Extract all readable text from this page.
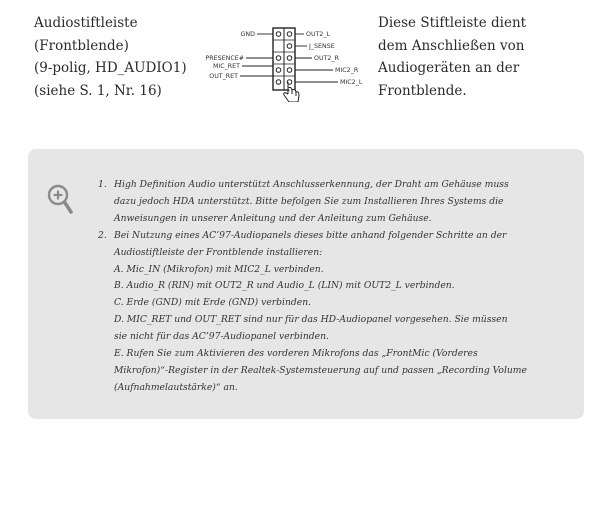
Audiostiftleiste
(Frontblende)
(9-polig, HD_AUDIO1)
(siehe S. 1, Nr. 16)
GND
PRESENCE#
MIC_RET
OUT_RET
OUT2_L
J_SENSE
OUT2_R
MIC2_R
MIC2_L
Diese Stiftleiste dient
dem Anschließen von
Audiogeräten an der
Frontblende.
1. High Definition Audio unterstützt Anschlusserkennung, der Draht am Gehäuse muss
dazu jedoch HDA unterstützt. Bitte befolgen Sie zum Installieren Ihres Systems die
Anweisungen in unserer Anleitung und der Anleitung zum Gehäuse.
2. Bei Nutzung eines AC’97-Audiopanels dieses bitte anhand folgender Schritte an der
Audiostiftleiste der Frontblende installieren:
A. Mic_IN (Mikrofon) mit MIC2_L verbinden.
B. Audio_R (RIN) mit OUT2_R und Audio_L (LIN) mit OUT2_L verbinden.
C. Erde (GND) mit Erde (GND) verbinden.
D. MIC_RET und OUT_RET sind nur für das HD-Audiopanel vorgesehen. Sie müssen
sie nicht für das AC’97-Audiopanel verbinden.
E. Rufen Sie zum Aktivieren des vorderen Mikrofons das „FrontMic (Vorderes
Mikrofon)“-Register in der Realtek-Systemsteuerung auf und passen „Recording Volume
(Aufnahmelautstärke)“ an.
